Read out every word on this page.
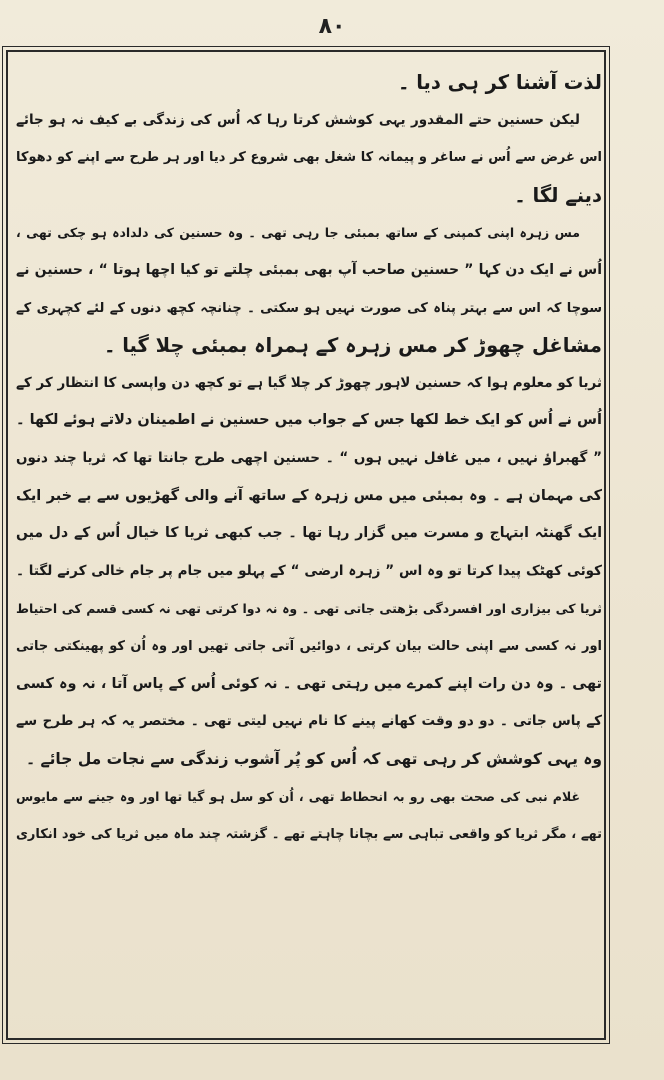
۸۰
لذت آشنا کر ہی دیا ۔
لیکن حسنین حتے المقدور یہی کوشش کرتا رہا کہ اُس کی زندگی بے کیف نہ ہو جائے
اس غرض سے اُس نے ساغر و پیمانہ کا شغل بھی شروع کر دیا اور ہر طرح سے اپنے کو دھوکا
دینے لگا ۔
مس زہرہ اپنی کمپنی کے ساتھ بمبئی جا رہی تھی ۔ وہ حسنین کی دلدادہ ہو چکی تھی ،
اُس نے ایک دن کہا ” حسنین صاحب آپ بھی بمبئی چلتے تو کیا اچھا ہوتا “ ، حسنین نے
سوچا کہ اس سے بہتر پناہ کی صورت نہیں ہو سکتی ۔ چنانچہ کچھ دنوں کے لئے کچہری کے
مشاغل چھوڑ کر مس زہرہ کے ہمراہ بمبئی چلا گیا ۔
ثریا کو معلوم ہوا کہ حسنین لاہور چھوڑ کر چلا گیا ہے تو کچھ دن واپسی کا انتظار کر کے
اُس نے اُس کو ایک خط لکھا جس کے جواب میں حسنین نے اطمینان دلاتے ہوئے لکھا ۔
” گھبراؤ نہیں ، میں غافل نہیں ہوں “ ۔ حسنین اچھی طرح جانتا تھا کہ ثریا چند دنوں
کی مہمان ہے ۔ وہ بمبئی میں مس زہرہ کے ساتھ آنے والی گھڑیوں سے بے خبر ایک
ایک گھنٹہ ابتہاج و مسرت میں گزار رہا تھا ۔ جب کبھی ثریا کا خیال اُس کے دل میں
کوئی کھٹک پیدا کرتا تو وہ اس ” زہرہ ارضی “ کے پہلو میں جام پر جام خالی کرنے لگتا ۔
ثریا کی بیزاری اور افسردگی بڑھتی جاتی تھی ۔ وہ نہ دوا کرتی تھی نہ کسی قسم کی احتیاط
اور نہ کسی سے اپنی حالت بیان کرتی ، دوائیں آتی جاتی تھیں اور وہ اُن کو پھینکتی جاتی
تھی ۔ وہ دن رات اپنے کمرے میں رہتی تھی ۔ نہ کوئی اُس کے پاس آتا ، نہ وہ کسی
کے پاس جاتی ۔ دو دو وقت کھانے پینے کا نام نہیں لیتی تھی ۔ مختصر یہ کہ ہر طرح سے
وہ یہی کوشش کر رہی تھی کہ اُس کو پُر آشوب زندگی سے نجات مل جائے ۔
غلام نبی کی صحت بھی رو بہ انحطاط تھی ، اُن کو سل ہو گیا تھا اور وہ جینے سے مایوس
تھے ، مگر ثریا کو واقعی تباہی سے بچانا چاہتے تھے ۔ گزشتہ چند ماہ میں ثریا کی خود انکاری
